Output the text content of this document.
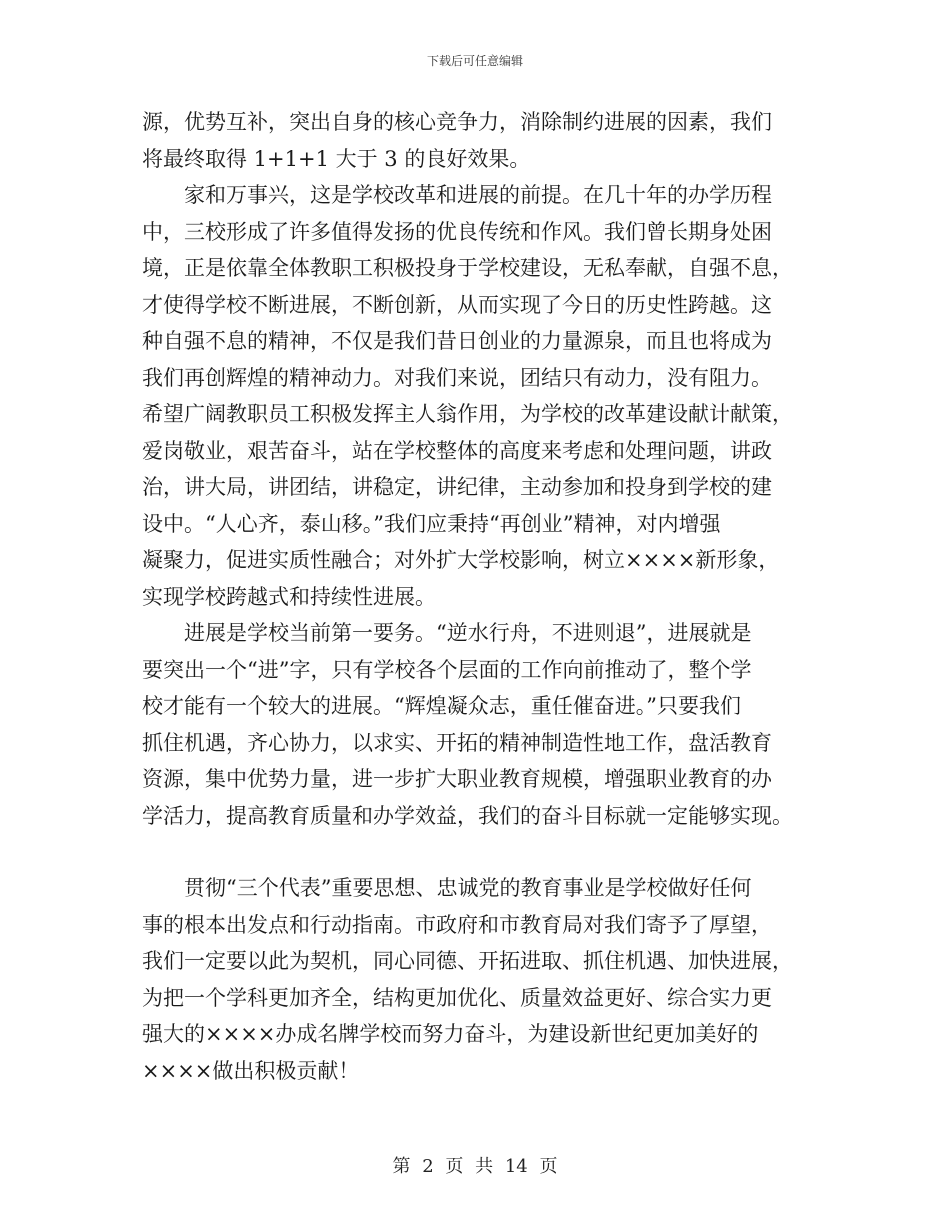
下载后可任意编辑
源，优势互补，突出自身的核心竞争力，消除制约进展的因素，我们
将最终取得 1+1+1 大于 3 的良好效果。
家和万事兴，这是学校改革和进展的前提。在几十年的办学历程
中，三校形成了许多值得发扬的优良传统和作风。我们曾长期身处困
境，正是依靠全体教职工积极投身于学校建设，无私奉献，自强不息，
才使得学校不断进展，不断创新，从而实现了今日的历史性跨越。这
种自强不息的精神，不仅是我们昔日创业的力量源泉，而且也将成为
我们再创辉煌的精神动力。对我们来说，团结只有动力，没有阻力。
希望广阔教职员工积极发挥主人翁作用，为学校的改革建设献计献策，
爱岗敬业，艰苦奋斗，站在学校整体的高度来考虑和处理问题，讲政
治，讲大局，讲团结，讲稳定，讲纪律，主动参加和投身到学校的建
设中。“人心齐，泰山移。”我们应秉持“再创业”精神，对内增强
凝聚力，促进实质性融合；对外扩大学校影响，树立××××新形象，
实现学校跨越式和持续性进展。
进展是学校当前第一要务。“逆水行舟，不进则退”，进展就是
要突出一个“进”字，只有学校各个层面的工作向前推动了，整个学
校才能有一个较大的进展。“辉煌凝众志，重任催奋进。”只要我们
抓住机遇，齐心协力，以求实、开拓的精神制造性地工作，盘活教育
资源，集中优势力量，进一步扩大职业教育规模，增强职业教育的办
学活力，提高教育质量和办学效益，我们的奋斗目标就一定能够实现。
贯彻“三个代表”重要思想、忠诚党的教育事业是学校做好任何
事的根本出发点和行动指南。市政府和市教育局对我们寄予了厚望，
我们一定要以此为契机，同心同德、开拓进取、抓住机遇、加快进展，
为把一个学科更加齐全，结构更加优化、质量效益更好、综合实力更
强大的××××办成名牌学校而努力奋斗，为建设新世纪更加美好的
××××做出积极贡献！
第 2 页 共 14 页
